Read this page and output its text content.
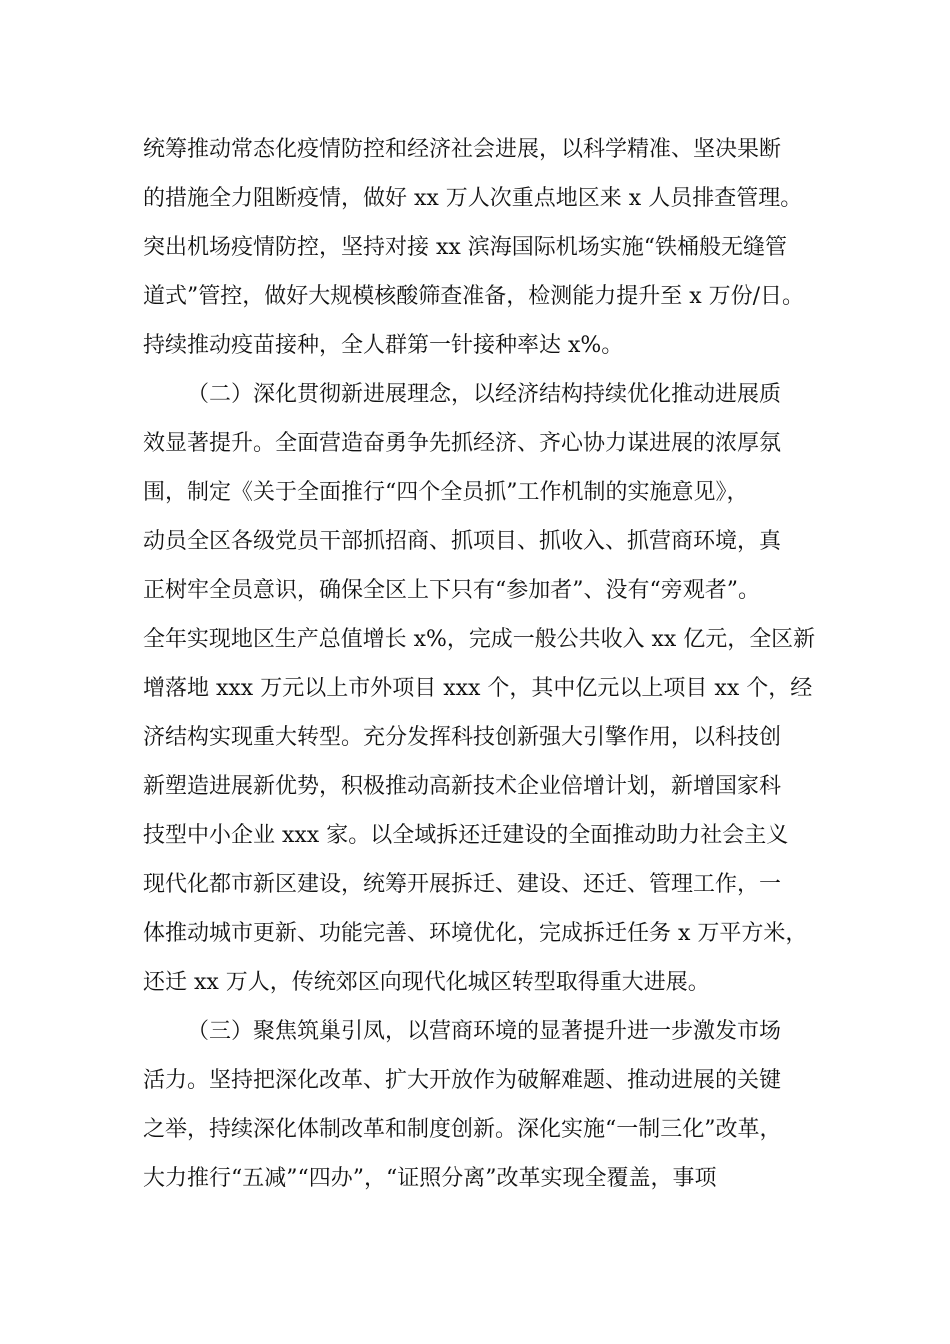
统筹推动常态化疫情防控和经济社会进展，以科学精准、坚决果断
的措施全力阻断疫情，做好 xx 万人次重点地区来 x 人员排查管理。
突出机场疫情防控，坚持对接 xx 滨海国际机场实施“铁桶般无缝管
道式”管控，做好大规模核酸筛查准备，检测能力提升至 x 万份/日。
持续推动疫苗接种，全人群第一针接种率达 x%。
（二）深化贯彻新进展理念，以经济结构持续优化推动进展质
效显著提升。全面营造奋勇争先抓经济、齐心协力谋进展的浓厚氛
围，制定《关于全面推行“四个全员抓”工作机制的实施意见》，
动员全区各级党员干部抓招商、抓项目、抓收入、抓营商环境，真
正树牢全员意识，确保全区上下只有“参加者”、没有“旁观者”。
全年实现地区生产总值增长 x%，完成一般公共收入 xx 亿元，全区新
增落地 xxx 万元以上市外项目 xxx 个，其中亿元以上项目 xx 个，经
济结构实现重大转型。充分发挥科技创新强大引擎作用，以科技创
新塑造进展新优势，积极推动高新技术企业倍增计划，新增国家科
技型中小企业 xxx 家。以全域拆还迁建设的全面推动助力社会主义
现代化都市新区建设，统筹开展拆迁、建设、还迁、管理工作，一
体推动城市更新、功能完善、环境优化，完成拆迁任务 x 万平方米，
还迁 xx 万人，传统郊区向现代化城区转型取得重大进展。
（三）聚焦筑巢引凤，以营商环境的显著提升进一步激发市场
活力。坚持把深化改革、扩大开放作为破解难题、推动进展的关键
之举，持续深化体制改革和制度创新。深化实施“一制三化”改革，
大力推行“五减”“四办”，“证照分离”改革实现全覆盖，事项
